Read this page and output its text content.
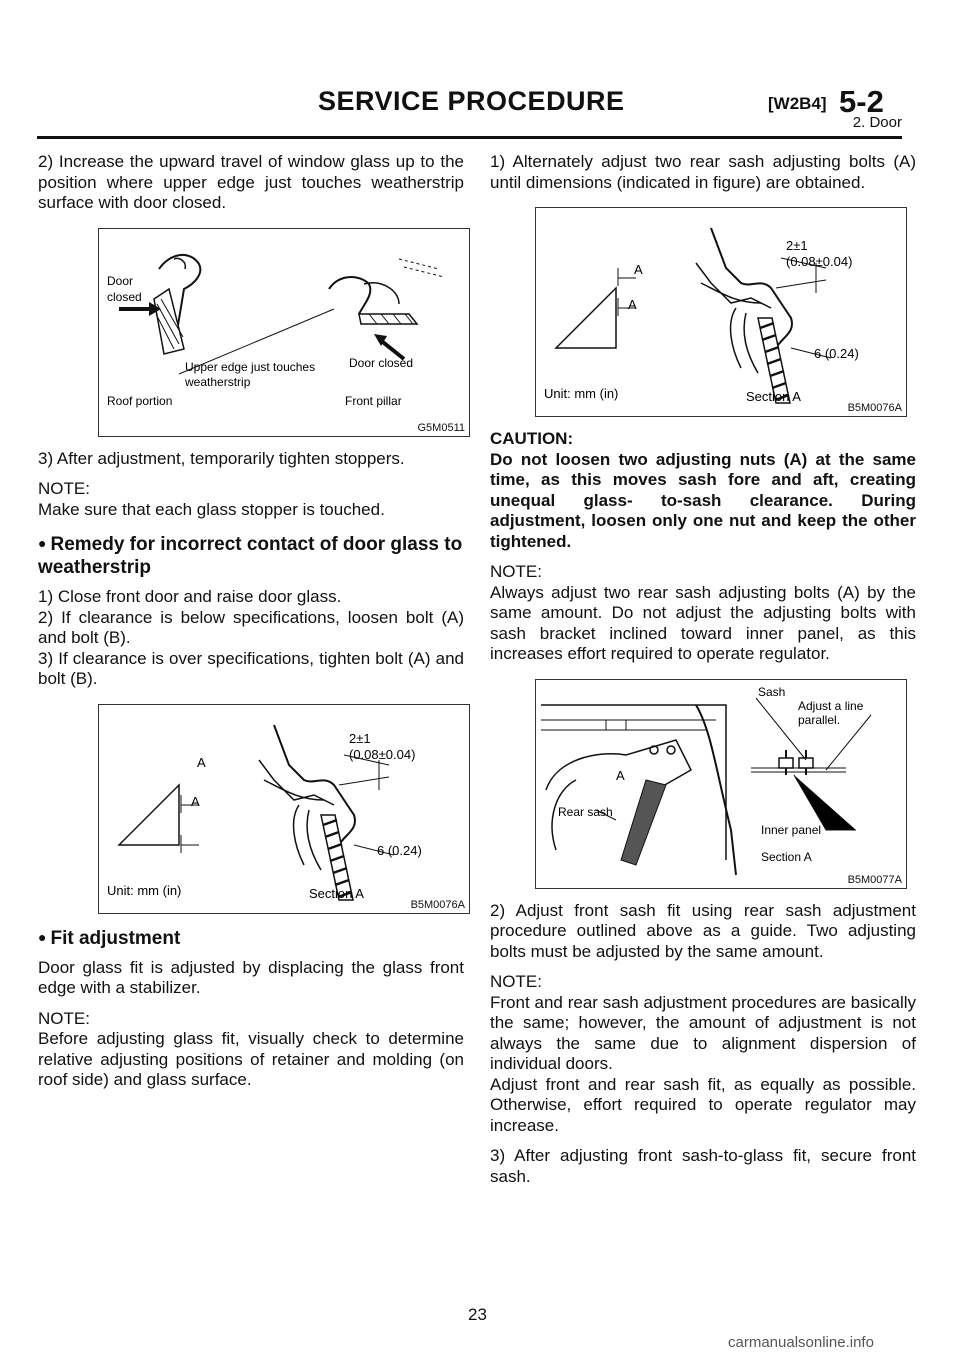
SERVICE PROCEDURE	[W2B4] 5-2
2. Door

2) Increase the upward travel of window glass up to the position where upper edge just touches weatherstrip surface with door closed.

Door
closed
Upper edge just touches
weatherstrip
Door closed
Roof portion	Front pillar
G5M0511

3) After adjustment, temporarily tighten stoppers.

NOTE:

Make sure that each glass stopper is touched.

● Remedy for incorrect contact of door glass to weatherstrip

1) Close front door and raise door glass.

2) If clearance is below specifications, loosen bolt (A) and bolt (B).

3) If clearance is over specifications, tighten bolt (A) and bolt (B).

A
A
2±1
(0.08±0.04)
6 (0.24)
Unit: mm (in)	Section A
B5M0076A
● Fit adjustment

Door glass fit is adjusted by displacing the glass front edge with a stabilizer.

NOTE:

Before adjusting glass fit, visually check to determine relative adjusting positions of retainer and molding (on roof side) and glass surface.

1) Alternately adjust two rear sash adjusting bolts (A) until dimensions (indicated in figure) are obtained.

A
A
2±1
(0.08±0.04)
6 (0.24)
Unit: mm (in)	Section A
B5M0076A

CAUTION:

Do not loosen two adjusting nuts (A) at the same time, as this moves sash fore and aft, creating unequal glass- to-sash clearance. During adjustment, loosen only one nut and keep the other tightened.

NOTE:

Always adjust two rear sash adjusting bolts (A) by the same amount. Do not adjust the adjusting bolts with sash bracket inclined toward inner panel, as this increases effort required to operate regulator.

Sash
Adjust a line
parallel.
A
Rear sash
Inner panel
Section A
B5M0077A

2) Adjust front sash fit using rear sash adjustment procedure outlined above as a guide. Two adjusting bolts must be adjusted by the same amount.

NOTE:

Front and rear sash adjustment procedures are basically the same; however, the amount of adjustment is not always the same due to alignment dispersion of individual doors.

Adjust front and rear sash fit, as equally as possible. Otherwise, effort required to operate regulator may increase.

3) After adjusting front sash-to-glass fit, secure front sash.

23
carmanualsonline.info
